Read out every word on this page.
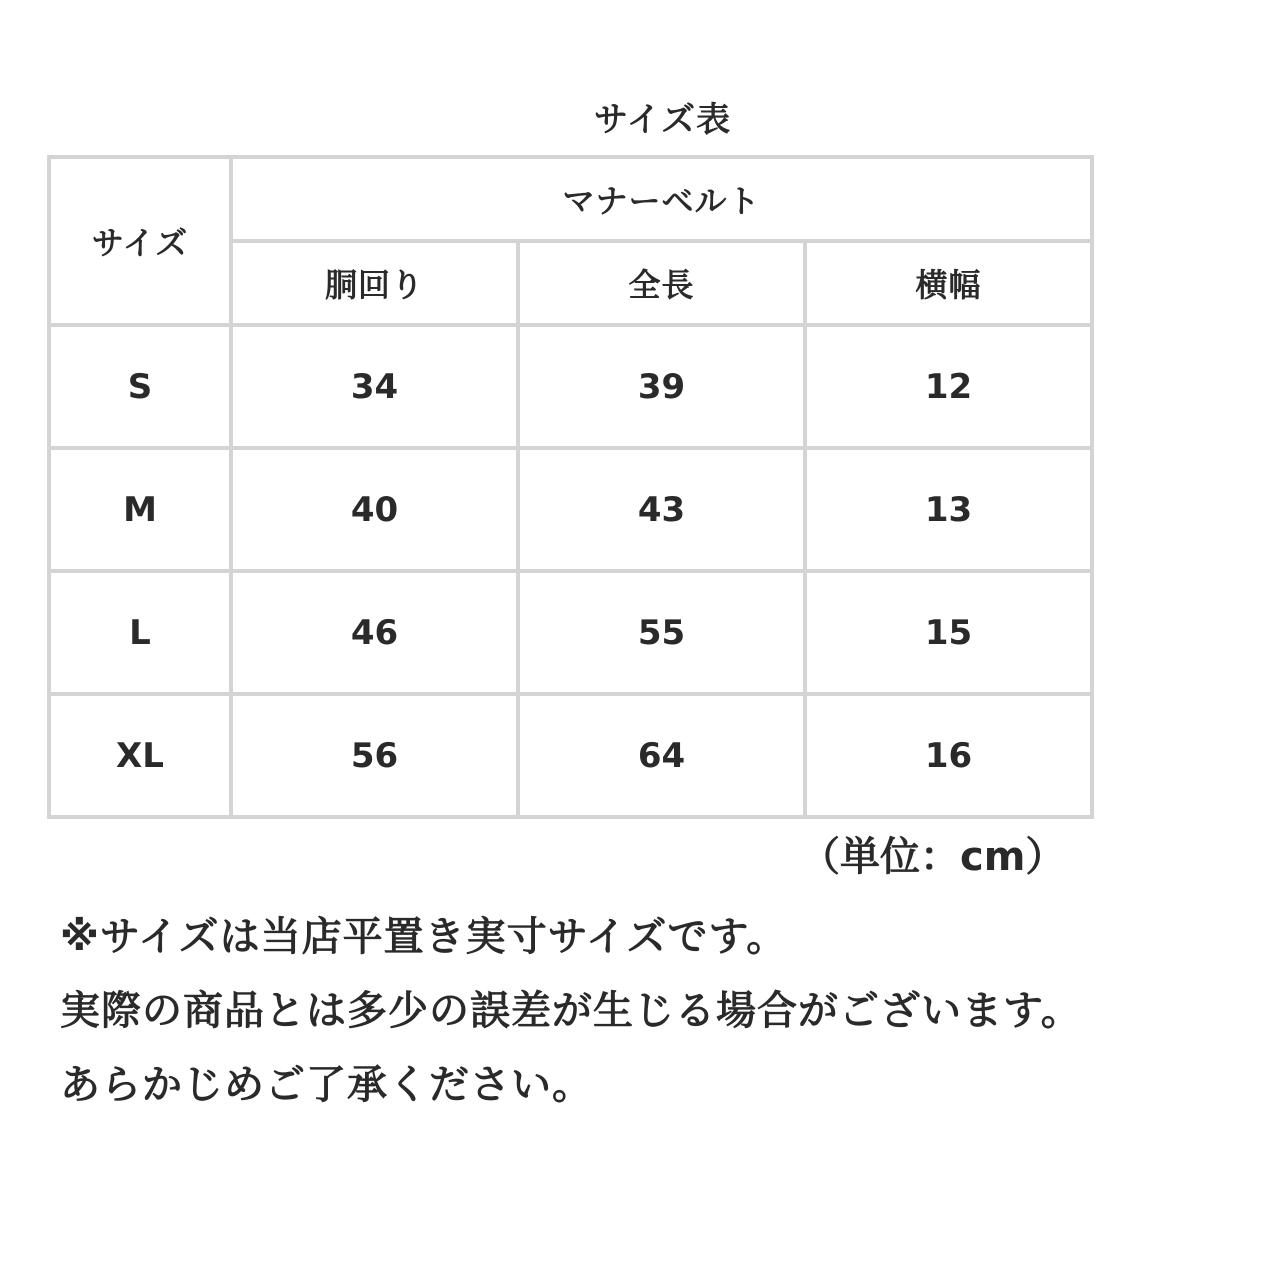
サイズ表
サイズ	マナーベルト		
	胴回り	全長	横幅
S	34	39	12
M	40	43	13
L	46	55	15
XL	56	64	16
（単位：cm）
※サイズは当店平置き実寸サイズです。
実際の商品とは多少の誤差が生じる場合がございます。
あらかじめご了承ください。
